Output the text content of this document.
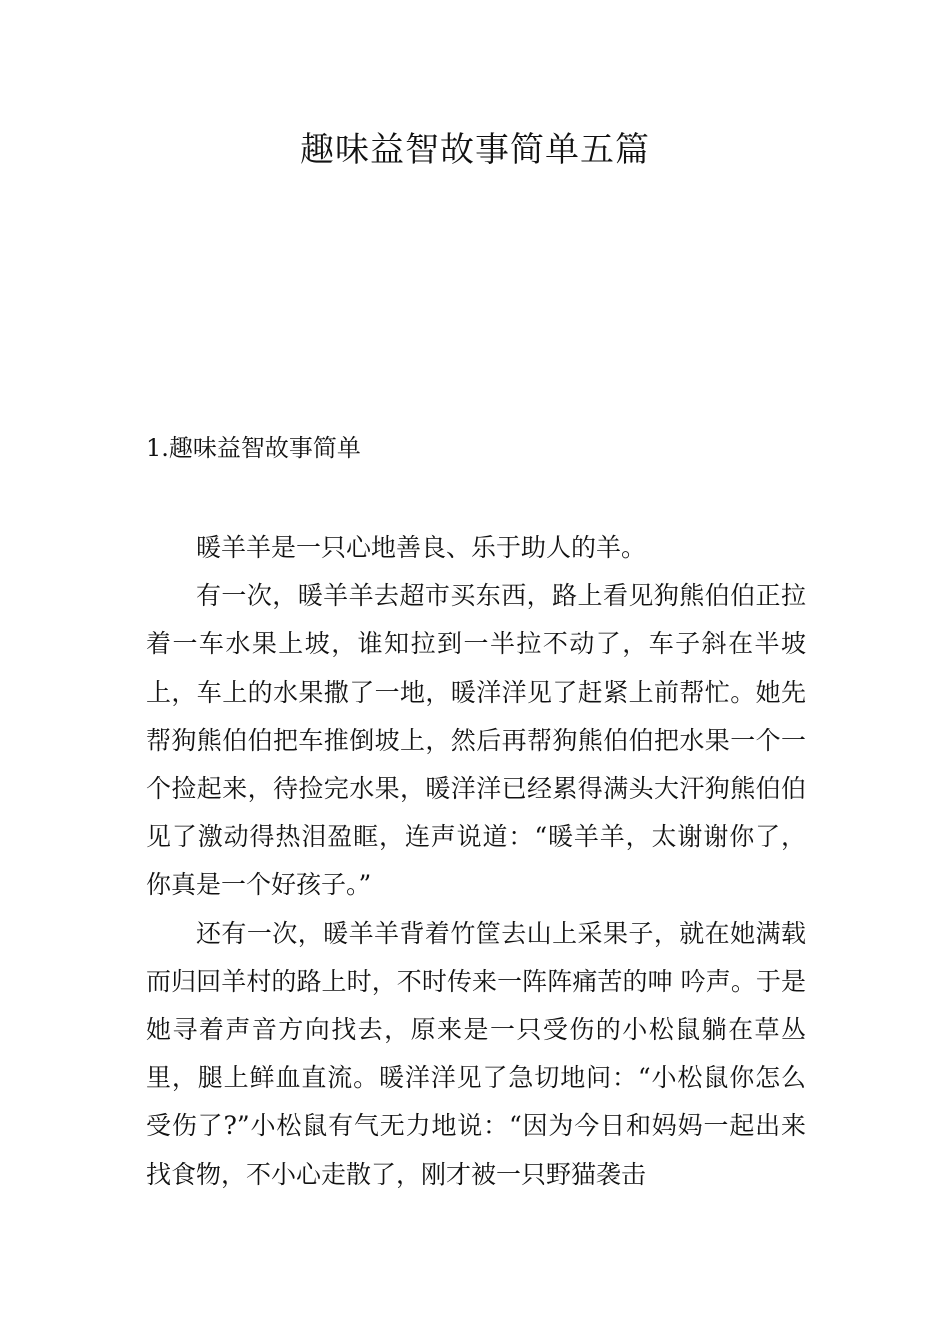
趣味益智故事简单五篇
1.趣味益智故事简单

暖羊羊是一只心地善良、乐于助人的羊。

有一次，暖羊羊去超市买东西，路上看见狗熊伯伯正拉着一车水果上坡，谁知拉到一半拉不动了，车子斜在半坡上，车上的水果撒了一地，暖洋洋见了赶紧上前帮忙。她先帮狗熊伯伯把车推倒坡上，然后再帮狗熊伯伯把水果一个一个捡起来，待捡完水果，暖洋洋已经累得满头大汗狗熊伯伯见了激动得热泪盈眶，连声说道：“暖羊羊，太谢谢你了，你真是一个好孩子。”

还有一次，暖羊羊背着竹筐去山上采果子，就在她满载而归回羊村的路上时，不时传来一阵阵痛苦的呻 吟声。于是她寻着声音方向找去，原来是一只受伤的小松鼠躺在草丛里，腿上鲜血直流。暖洋洋见了急切地问：“小松鼠你怎么受伤了?”小松鼠有气无力地说：“因为今日和妈妈一起出来找食物，不小心走散了，刚才被一只野猫袭击
